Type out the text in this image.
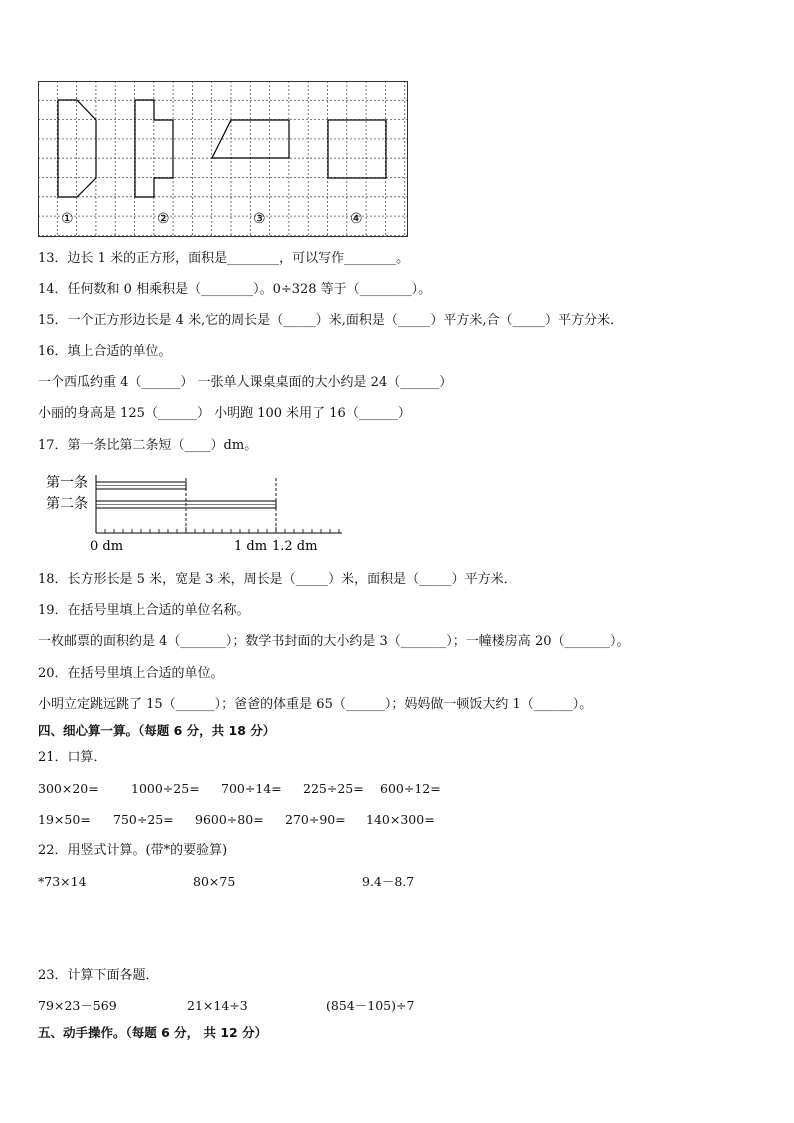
①	②	③	④
13．边长 1 米的正方形，面积是________，可以写作________。
14．任何数和 0 相乘积是（________）。0÷328 等于（________）。
15．一个正方形边长是 4 米,它的周长是（_____）米,面积是（_____）平方米,合（_____）平方分米．
16．填上合适的单位。
一个西瓜约重 4（______） 一张单人课桌桌面的大小约是 24（______）
小丽的身高是 125（______） 小明跑 100 米用了 16（______）
17．第一条比第二条短（____）dm。
第一条
第二条
0 dm	1 dm 1.2 dm
18．长方形长是 5 米，宽是 3 米，周长是（_____）米，面积是（_____）平方米．
19．在括号里填上合适的单位名称。
一枚邮票的面积约是 4（_______）；数学书封面的大小约是 3（_______）；一幢楼房高 20（_______）。
20．在括号里填上合适的单位。
小明立定跳远跳了 15（______）；爸爸的体重是 65（______）；妈妈做一顿饭大约 1（______）。
四、细心算一算。（每题 6 分，共 18 分）
21．口算．
300×20=	1000÷25= 700÷14= 225÷25= 600÷12=
19×50= 750÷25= 9600÷80= 270÷90= 140×300=
22．用竖式计算。(带*的要验算)
*73×14	80×75	9.4－8.7
23．计算下面各题．
79×23－569	21×14÷3	(854－105)÷7
五、动手操作。（每题 6 分， 共 12 分）
